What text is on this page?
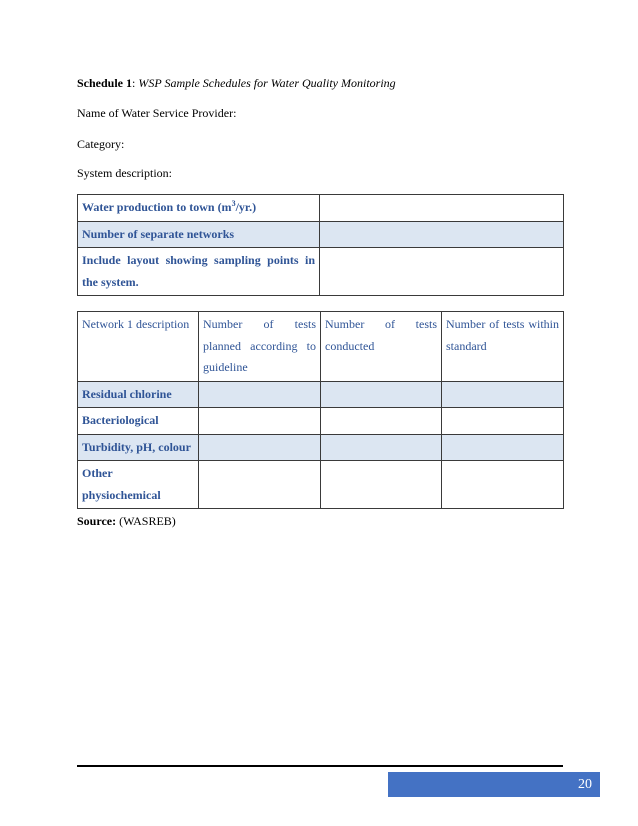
Schedule 1: WSP Sample Schedules for Water Quality Monitoring

Name of Water Service Provider:

Category:

System description:

Water production to town $(m^3/yr.)$	
Number of separate networks	
Include layout showing sampling points in the system.	
Network 1 description	Number of tests planned according to guideline	Number of tests conducted	Number of tests within standard
Residual chlorine			
Bacteriological			
Turbidity, pH, colour			
Other physiochemical			

Source: (WASREB)

20
